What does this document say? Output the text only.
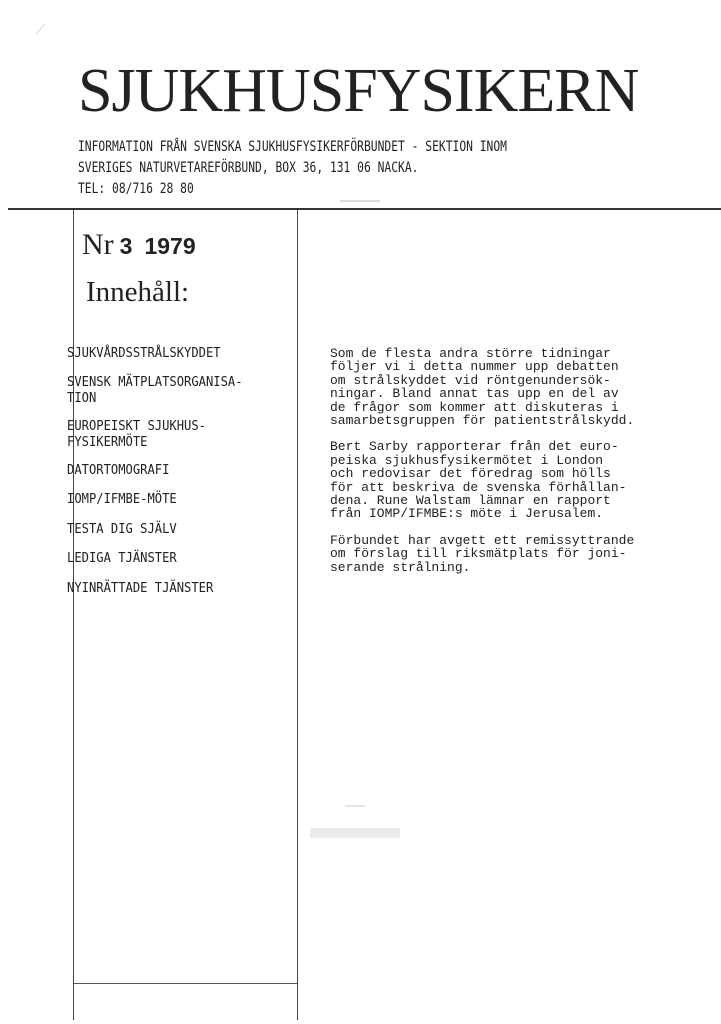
SJUKHUSFYSIKERN
INFORMATION FRÅN SVENSKA SJUKHUSFYSIKERFÖRBUNDET - SEKTION INOM
SVERIGES NATURVETAREFÖRBUND, BOX 36, 131 06 NACKA.
TEL: 08/716 28 80
Nr 3 1979
Innehåll:
SJUKVÅRDSSTRÅLSKYDDET
SVENSK MÄTPLATSORGANISA-
TION
EUROPEISKT SJUKHUS-
FYSIKERMÖTE
DATORTOMOGRAFI
IOMP/IFMBE-MÖTE
TESTA DIG SJÄLV
LEDIGA TJÄNSTER
NYINRÄTTADE TJÄNSTER

Som de flesta andra större tidningar
följer vi i detta nummer upp debatten
om strålskyddet vid röntgenundersök-
ningar. Bland annat tas upp en del av
de frågor som kommer att diskuteras i
samarbetsgruppen för patientstrålskydd.

Bert Sarby rapporterar från det euro-
peiska sjukhusfysikermötet i London
och redovisar det föredrag som hölls
för att beskriva de svenska förhållan-
dena. Rune Walstam lämnar en rapport
från IOMP/IFMBE:s möte i Jerusalem.

Förbundet har avgett ett remissyttrande
om förslag till riksmätplats för joni-
serande strålning.
